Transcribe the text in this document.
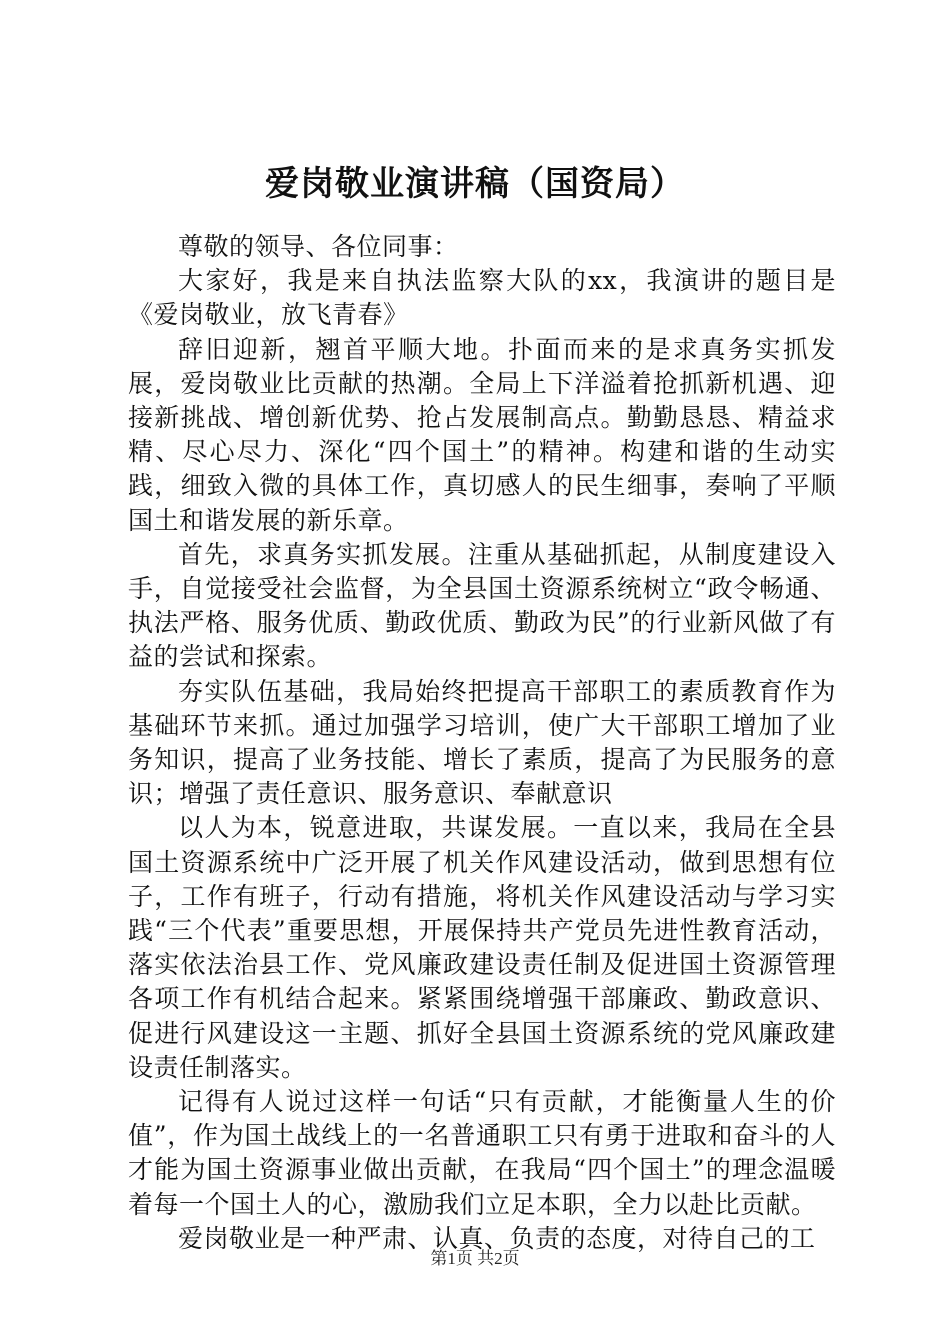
爱岗敬业演讲稿（国资局）

尊敬的领导、各位同事：

大家好，我是来自执法监察大队的xx，我演讲的题目是《爱岗敬业，放飞青春》

辞旧迎新，翘首平顺大地。扑面而来的是求真务实抓发展，爱岗敬业比贡献的热潮。全局上下洋溢着抢抓新机遇、迎接新挑战、增创新优势、抢占发展制高点。勤勤恳恳、精益求精、尽心尽力、深化“四个国土”的精神。构建和谐的生动实践，细致入微的具体工作，真切感人的民生细事，奏响了平顺国土和谐发展的新乐章。

首先，求真务实抓发展。注重从基础抓起，从制度建设入手，自觉接受社会监督，为全县国土资源系统树立“政令畅通、执法严格、服务优质、勤政优质、勤政为民”的行业新风做了有益的尝试和探索。

夯实队伍基础，我局始终把提高干部职工的素质教育作为基础环节来抓。通过加强学习培训，使广大干部职工增加了业务知识，提高了业务技能、增长了素质，提高了为民服务的意识；增强了责任意识、服务意识、奉献意识

以人为本，锐意进取，共谋发展。一直以来，我局在全县国土资源系统中广泛开展了机关作风建设活动，做到思想有位子，工作有班子，行动有措施，将机关作风建设活动与学习实践“三个代表”重要思想，开展保持共产党员先进性教育活动，落实依法治县工作、党风廉政建设责任制及促进国土资源管理各项工作有机结合起来。紧紧围绕增强干部廉政、勤政意识、促进行风建设这一主题、抓好全县国土资源系统的党风廉政建设责任制落实。

记得有人说过这样一句话“只有贡献，才能衡量人生的价值”，作为国土战线上的一名普通职工只有勇于进取和奋斗的人才能为国土资源事业做出贡献，在我局“四个国土”的理念温暖着每一个国土人的心，激励我们立足本职，全力以赴比贡献。

爱岗敬业是一种严肃、认真、负责的态度，对待自己的工

第1页 共2页
